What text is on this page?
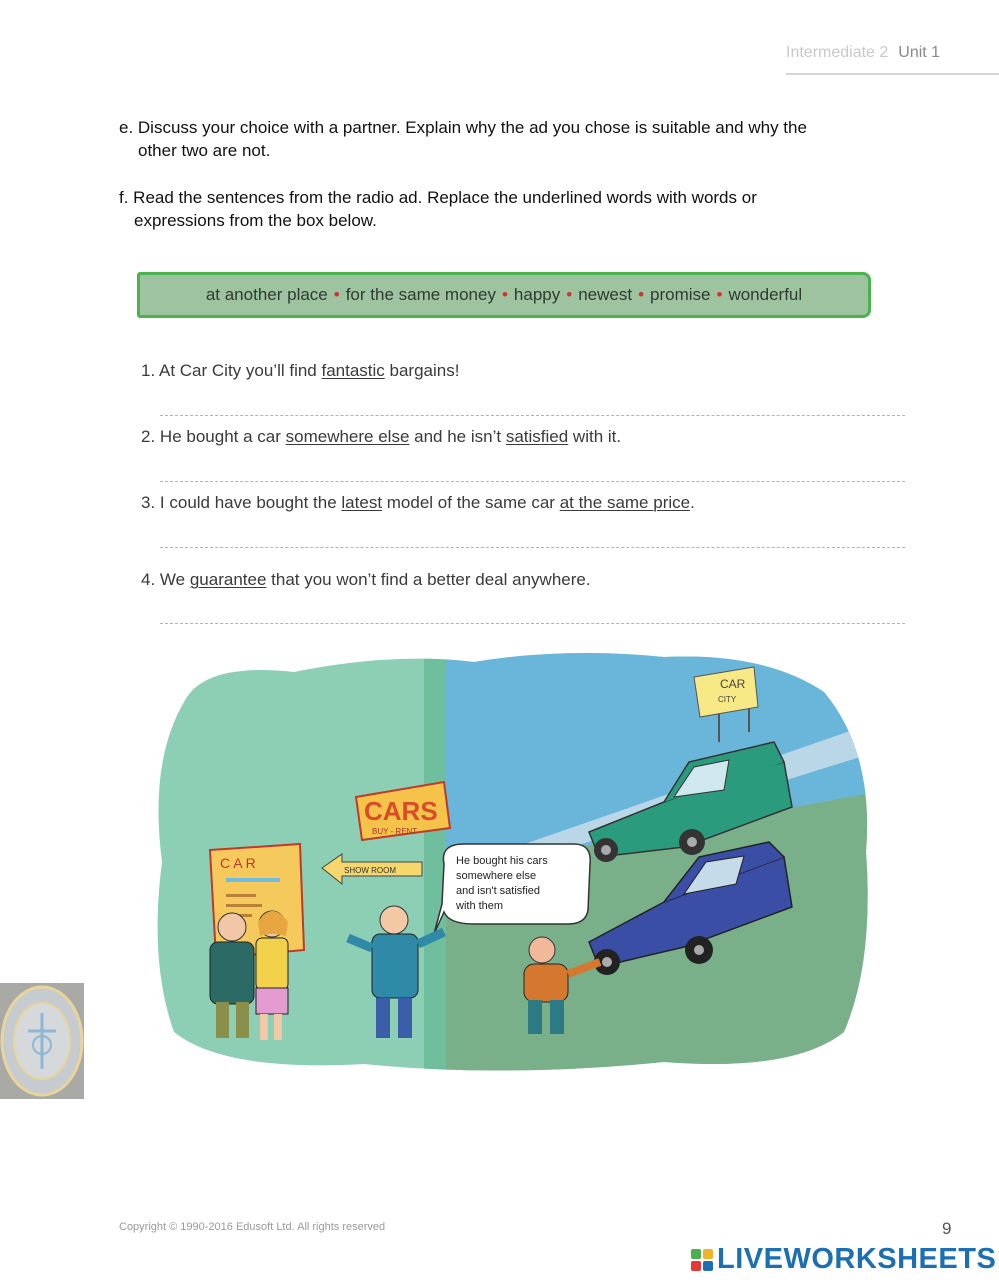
Intermediate 2 Unit 1
e. Discuss your choice with a partner. Explain why the ad you chose is suitable and why the
other two are not.
f. Read the sentences from the radio ad. Replace the underlined words with words or
expressions from the box below.
at another place • for the same money • happy • newest • promise • wonderful
1. At Car City you’ll find fantastic bargains!
2. He bought a car somewhere else and he isn’t satisfied with it.
3. I could have bought the latest model of the same car at the same price.
4. We guarantee that you won’t find a better deal anywhere.
CAR
CITY
CARS
BUY - RENT
SHOW ROOM
C A R	He bought his cars
somewhere else
and isn't satisfied
with them
Copyright © 1990-2016 Edusoft Ltd. All rights reserved	9
LIVEWORKSHEETS
